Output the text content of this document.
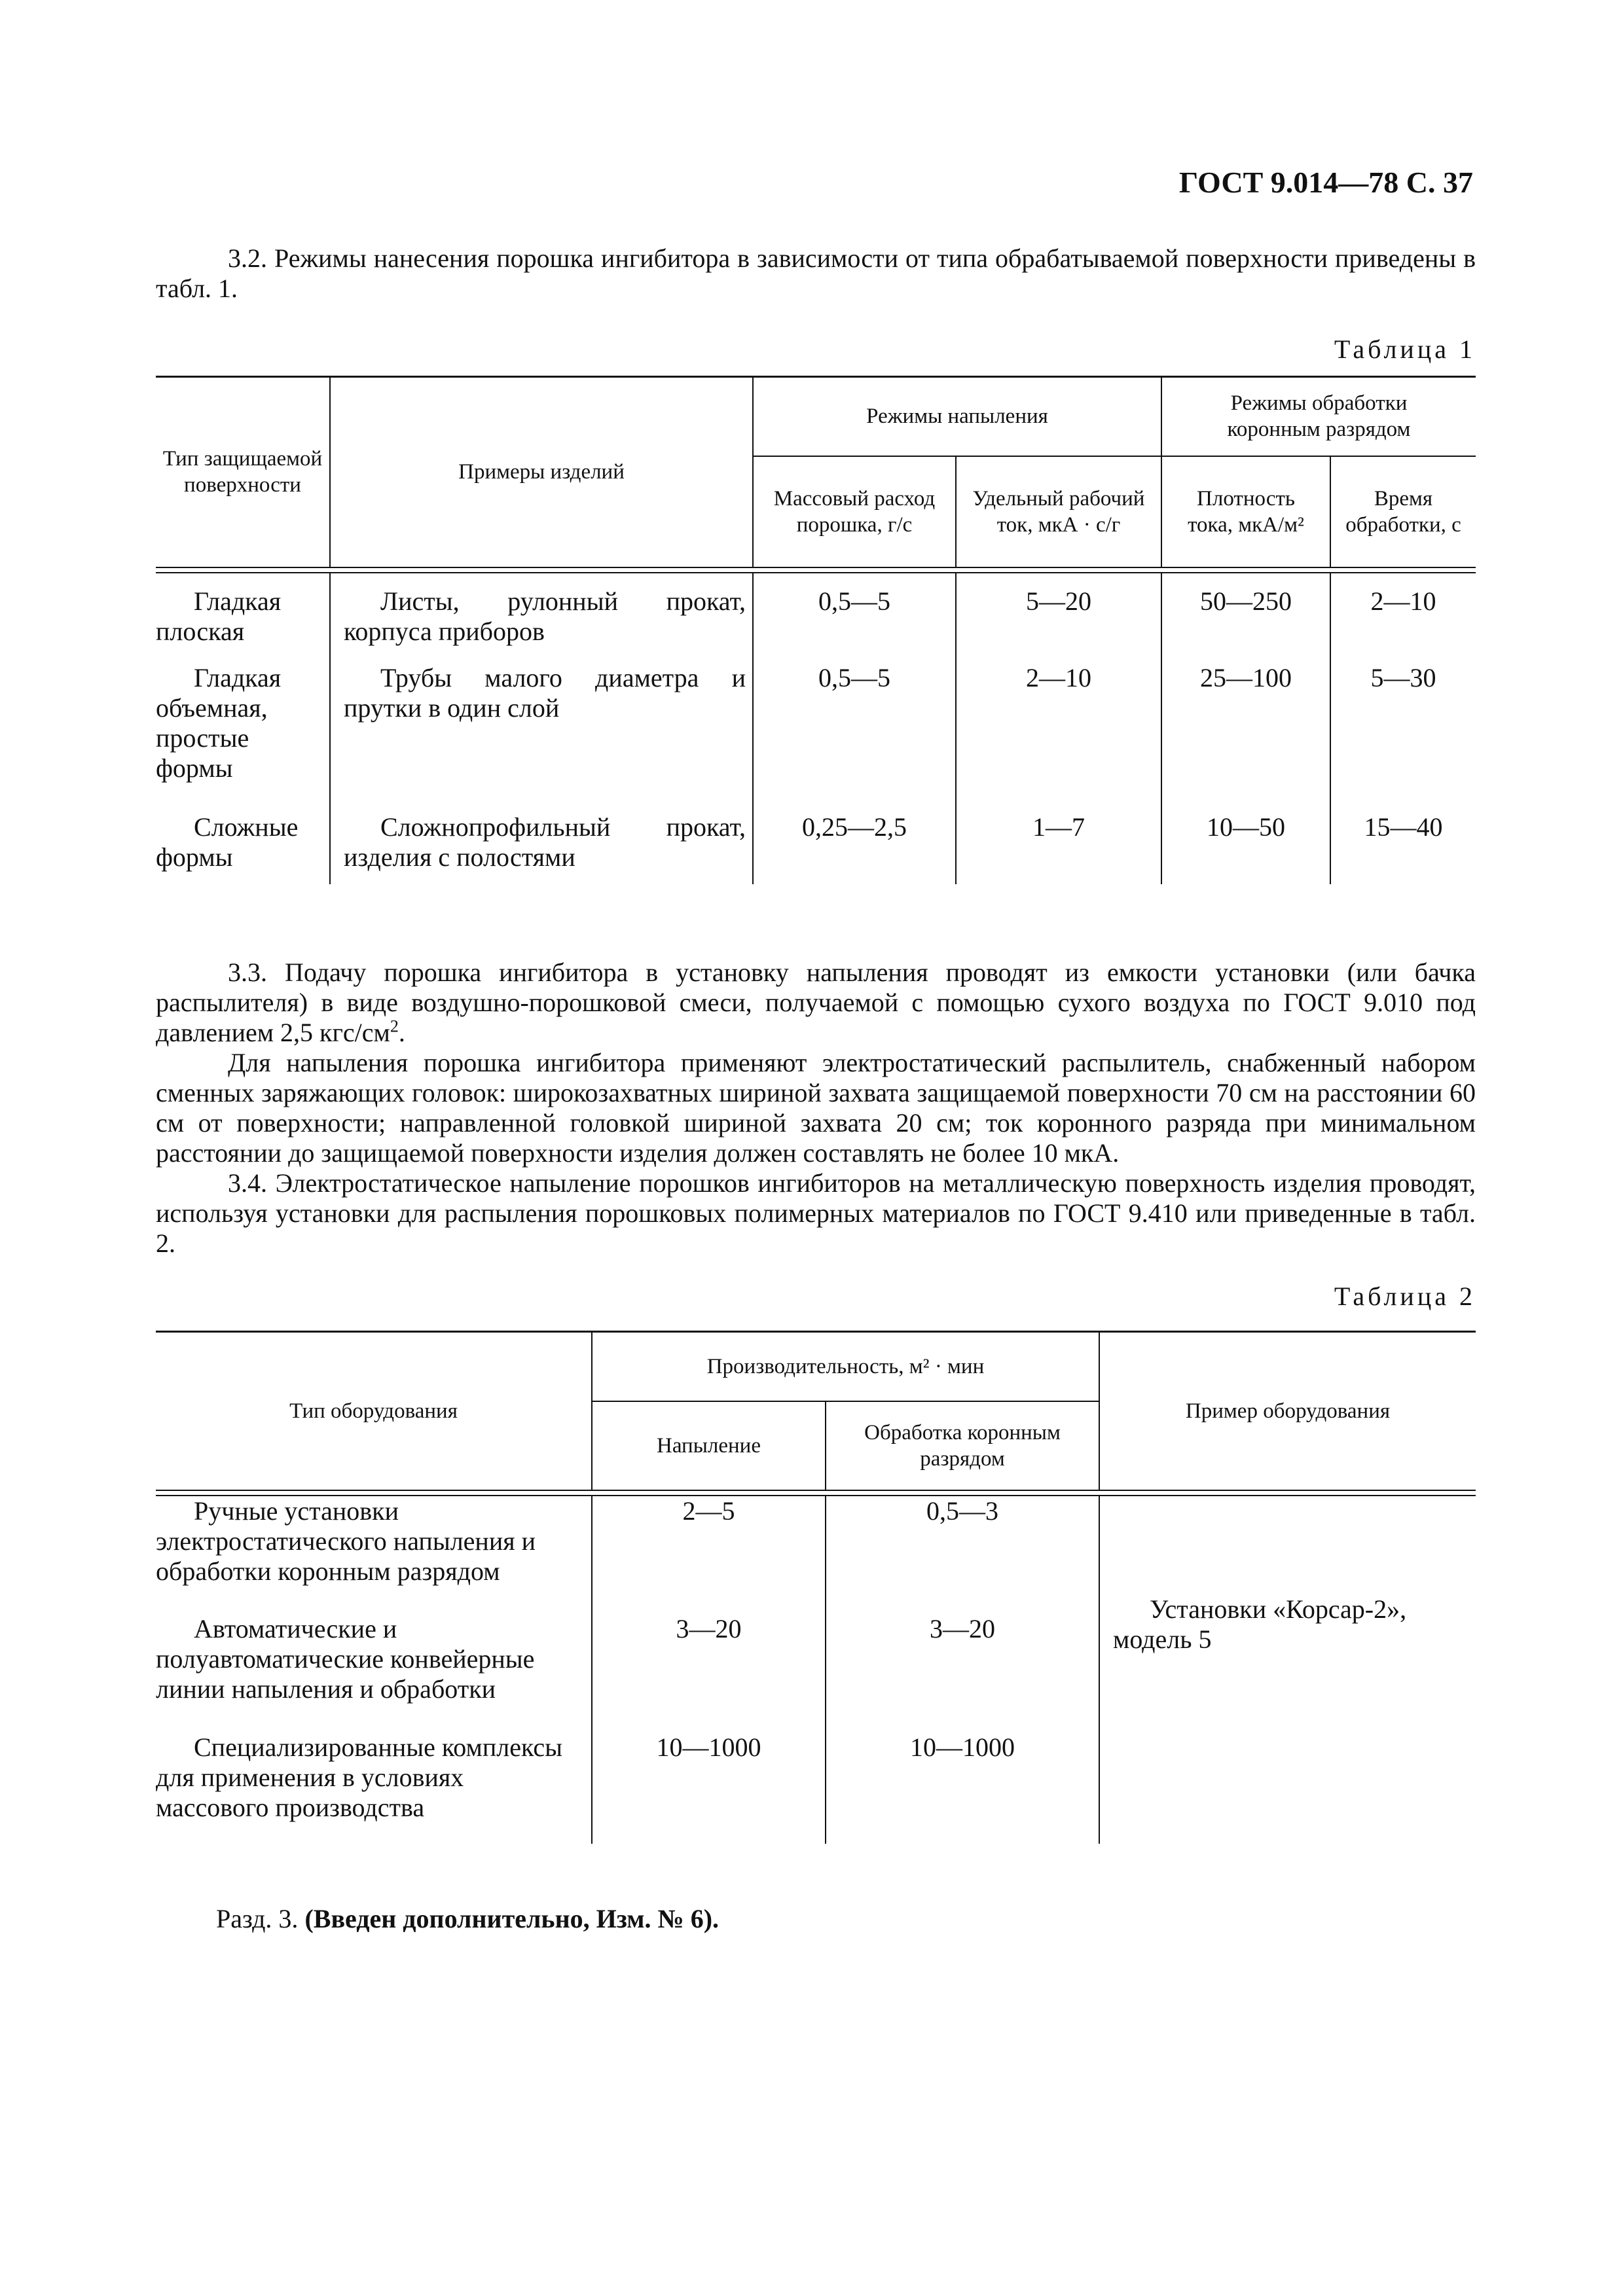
ГОСТ 9.014—78 С. 37
3.2. Режимы нанесения порошка ингибитора в зависимости от типа обрабатываемой поверхности приведены в табл. 1.
Таблица 1
Тип защищаемой поверхности	Примеры изделий	Режимы напыления		Режимы обработки коронным разрядом	
		Массовый расход порошка, г/с	Удельный рабочий ток, мкА · с/г	Плотность тока, мкА/м²	Время обработки, с

Гладкая плоская	Листы, рулонный прокат, корпуса приборов	0,5—5	5—20	50—250	2—10
Гладкая объемная, простые формы	Трубы малого диаметра и прутки в один слой	0,5—5	2—10	25—100	5—30
Сложные формы	Сложнопрофильный прокат, изделия с полостями	0,25—2,5	1—7	10—50	15—40
3.3. Подачу порошка ингибитора в установку напыления проводят из емкости установки (или бачка распылителя) в виде воздушно-порошковой смеси, получаемой с помощью сухого воздуха по ГОСТ 9.010 под давлением 2,5 кгс/$см^2$.
Для напыления порошка ингибитора применяют электростатический распылитель, снабженный набором сменных заряжающих головок: широкозахватных шириной захвата защищаемой поверхности 70 см на расстоянии 60 см от поверхности; направленной головкой шириной захвата 20 см; ток коронного разряда при минимальном расстоянии до защищаемой поверхности изделия должен составлять не более 10 мкА.
3.4. Электростатическое напыление порошков ингибиторов на металлическую поверхность изделия проводят, используя установки для распыления порошковых полимерных материалов по ГОСТ 9.410 или приведенные в табл. 2.
Таблица 2
Тип оборудования	Производительность, м² · мин		Пример оборудования
	Напыление	Обработка коронным разрядом	

Ручные установки электростатического напыления и обработки коронным разрядом	2—5	0,5—3	Установки «Корсар-2», модель 5
Автоматические и полуавтоматические конвейерные линии напыления и обработки	3—20	3—20	
Специализированные комплексы для применения в условиях массового производства	10—1000	10—1000	
Разд. 3. (Введен дополнительно, Изм. № 6).
